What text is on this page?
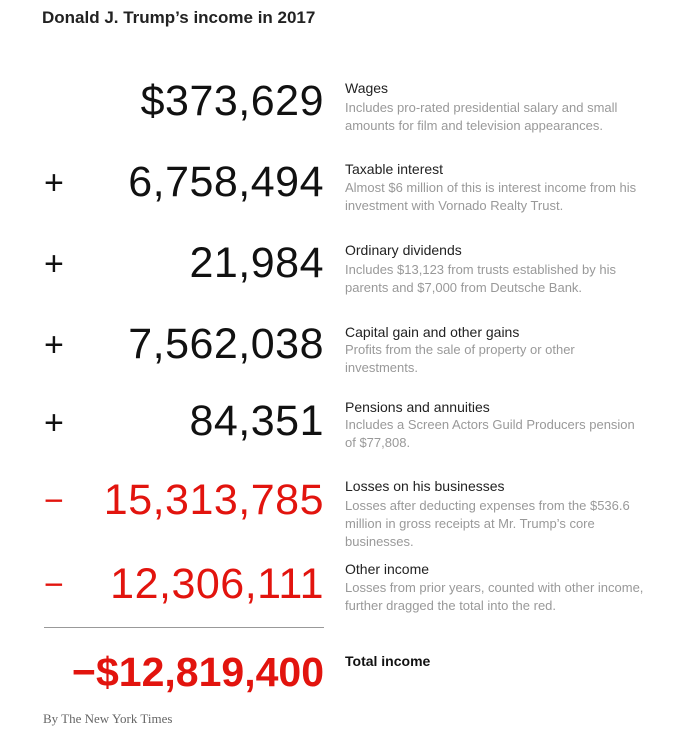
Donald J. Trump’s income in 2017
$373,629 Wages
Includes pro-rated presidential salary and small amounts for film and television appearances.
+ 6,758,494 Taxable interest
Almost $6 million of this is interest income from his investment with Vornado Realty Trust.
+	21,984 Ordinary dividends
Includes $13,123 from trusts established by his parents and $7,000 from Deutsche Bank.
+ 7,562,038 Capital gain and other gains
Profits from the sale of property or other investments.
+	84,351 Pensions and annuities
Includes a Screen Actors Guild Producers pension of $77,808.
− 15,313,785 Losses on his businesses
Losses after deducting expenses from the $536.6 million in gross receipts at Mr. Trump’s core businesses.
− 12,306,111 Other income
Losses from prior years, counted with other income, further dragged the total into the red.
−$12,819,400 Total income
By The New York Times
